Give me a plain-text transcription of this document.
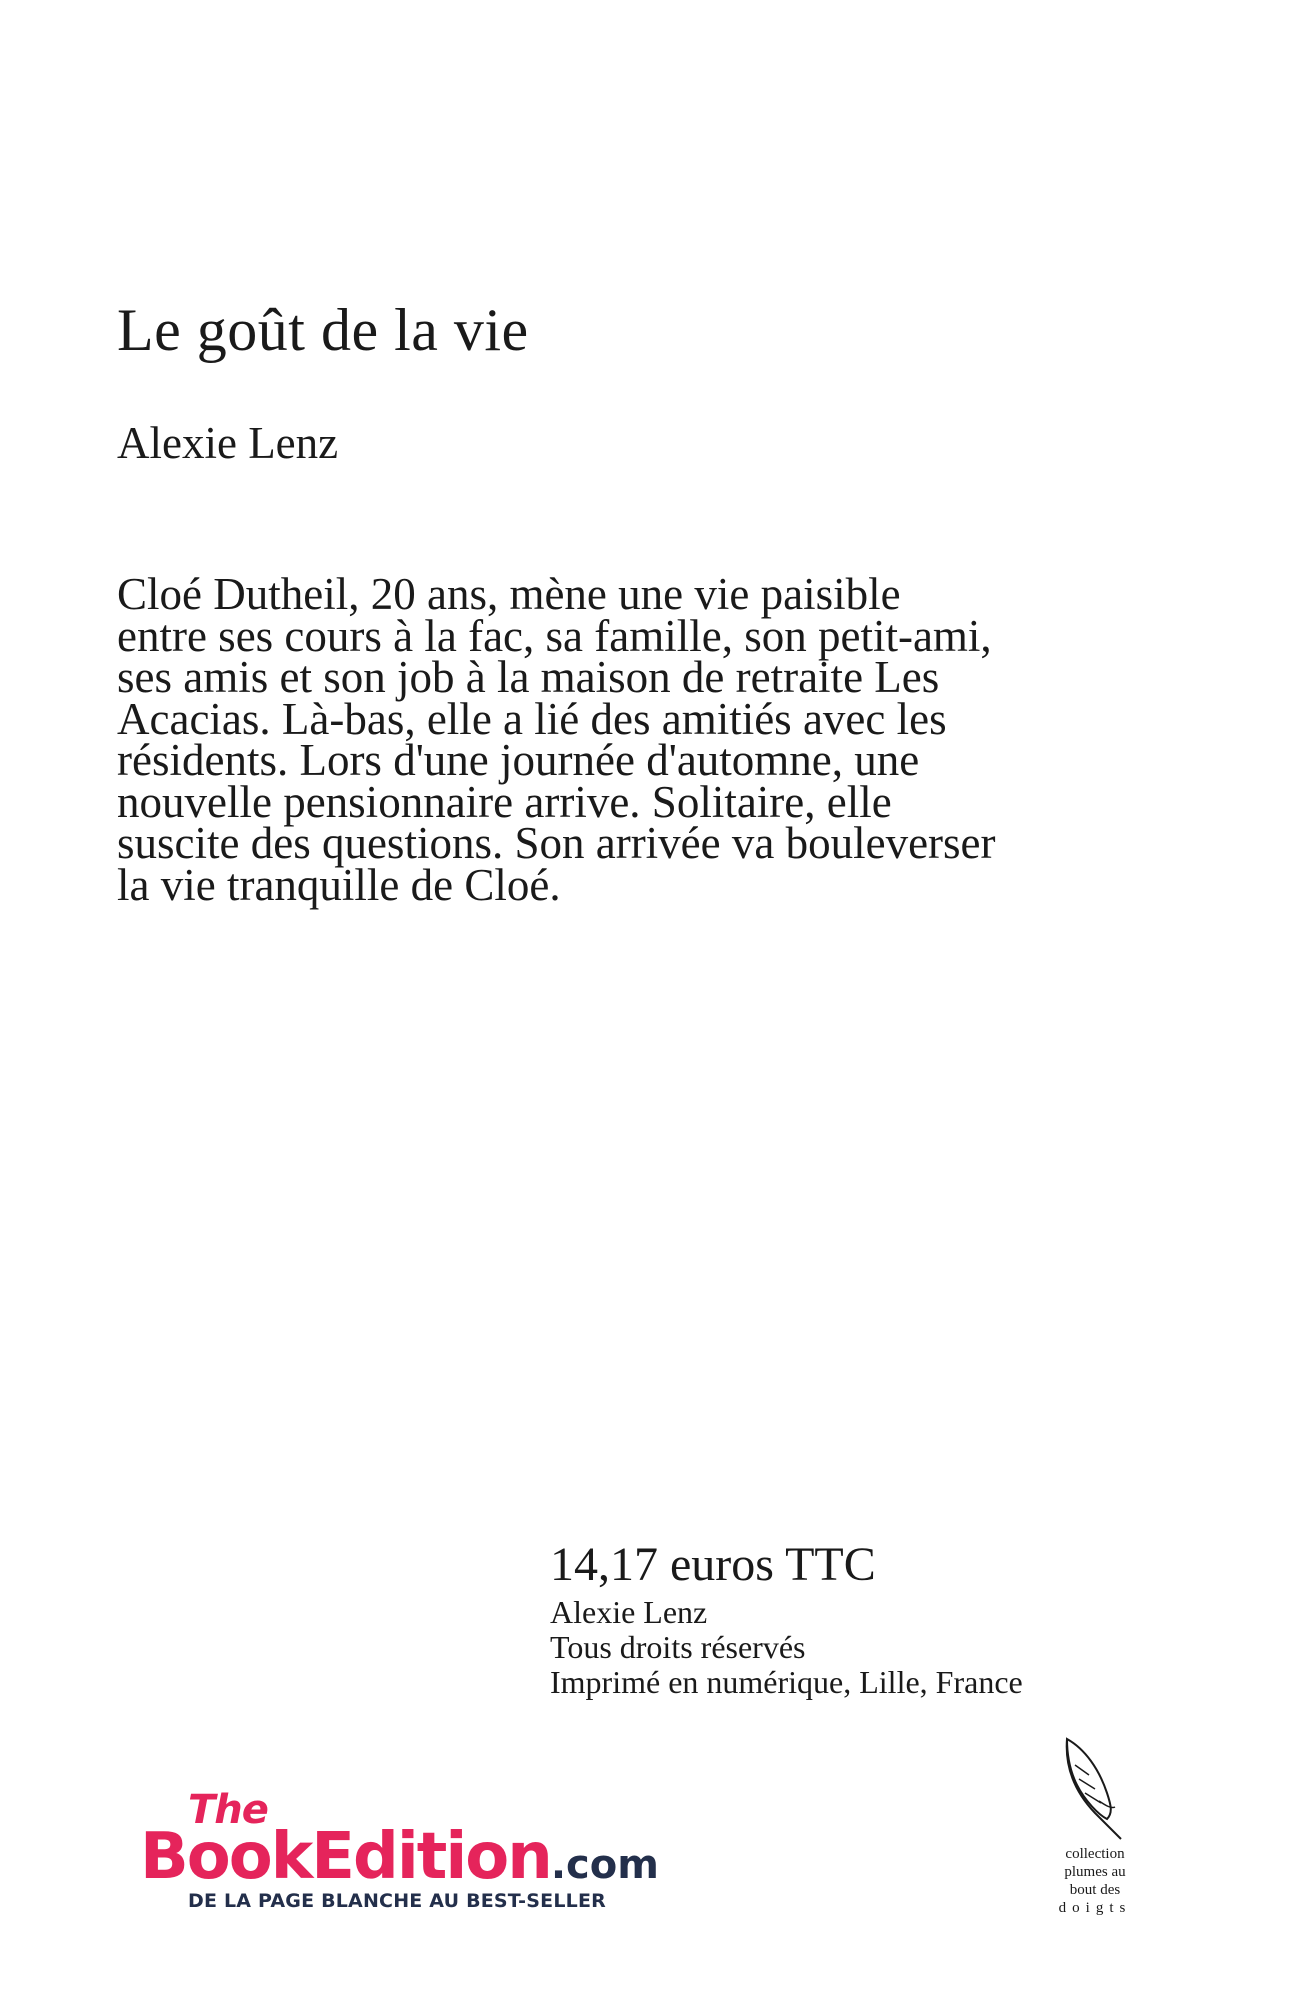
Le goût de la vie
Alexie Lenz

Cloé Dutheil, 20 ans, mène une vie paisible entre ses cours à la fac, sa famille, son petit-ami, ses amis et son job à la maison de retraite Les Acacias. Là-bas, elle a lié des amitiés avec les résidents. Lors d'une journée d'automne, une nouvelle pensionnaire arrive. Solitaire, elle suscite des questions. Son arrivée va bouleverser la vie tranquille de Cloé.

14,17 euros TTC

Alexie Lenz

Tous droits réservés

Imprimé en numérique, Lille, France

The
BookEdition.com
DE LA PAGE BLANCHE AU BEST-SELLER
collection
plumes au
bout des
doigts
